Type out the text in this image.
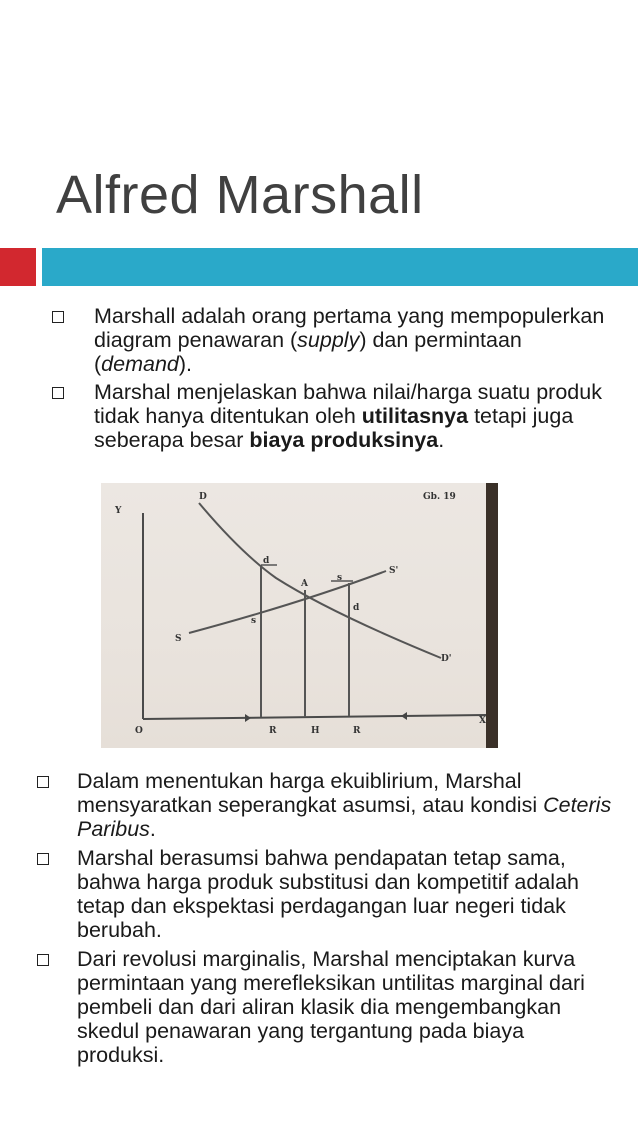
Alfred Marshall
Marshall adalah orang pertama yang mempopulerkan diagram penawaran (supply) dan permintaan (demand).
Marshal menjelaskan bahwa nilai/harga suatu produk tidak hanya ditentukan oleh utilitasnya tetapi juga seberapa besar biaya produksinya.
Y
O
X
D
D'
S
S'
A
d
s
s
d
R	H	R
Gb. 19
Dalam menentukan harga ekuiblirium, Marshal mensyaratkan seperangkat asumsi, atau kondisi Ceteris Paribus.
Marshal berasumsi bahwa pendapatan tetap sama, bahwa harga produk substitusi dan kompetitif adalah tetap dan ekspektasi perdagangan luar negeri tidak berubah.
Dari revolusi marginalis, Marshal menciptakan kurva permintaan yang merefleksikan untilitas marginal dari pembeli dan dari aliran klasik dia mengembangkan skedul penawaran yang tergantung pada biaya produksi.
